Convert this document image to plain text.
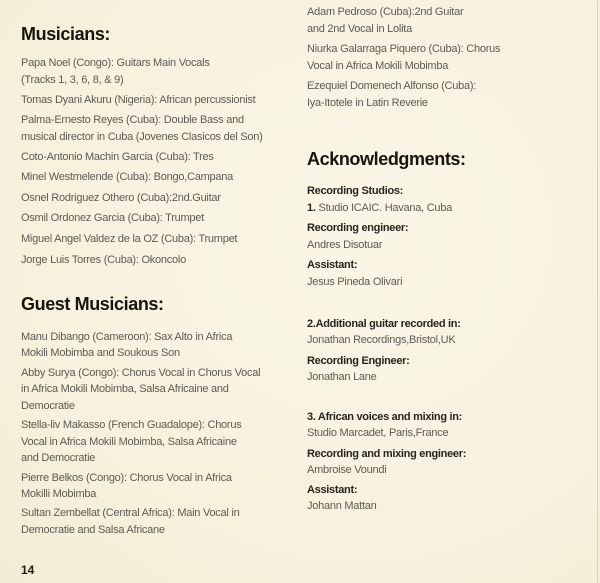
Musicians:
Guest Musicians:
Acknowledgments:
14
Papa Noel (Congo): Guitars Main Vocals
(Tracks 1, 3, 6, 8, & 9)
Tomas Dyani Akuru (Nigeria): African percussionist
Palma-Ernesto Reyes (Cuba): Double Bass and
musical director in Cuba (Jovenes Clasicos del Son)
Coto-Antonio Machin Garcia (Cuba): Tres
Minel Westmelende (Cuba): Bongo,Campana
Osnel Rodriguez Othero (Cuba):2nd.Guitar
Osmil Ordonez Garcia (Cuba): Trumpet
Miguel Angel Valdez de la OZ (Cuba): Trumpet
Jorge Luis Torres (Cuba): Okoncolo
Manu Dibango (Cameroon): Sax Alto in Africa
Mokili Mobimba and Soukous Son
Abby Surya (Congo): Chorus Vocal in Chorus Vocal
in Africa Mokili Mobimba, Salsa Africaine and
Democratie
Stella-liv Makasso (French Guadalope): Chorus
Vocal in Africa Mokili Mobimba, Salsa Africaine
and Democratie
Pierre Belkos (Congo): Chorus Vocal in Africa
Mokilli Mobimba
Sultan Zembellat (Central Africa): Main Vocal in
Democratie and Salsa Africane
Adam Pedroso (Cuba):2nd Guitar
and 2nd Vocal in Lolita
Niurka Galarraga Piquero (Cuba): Chorus
Vocal in Africa Mokili Mobimba
Ezequiel Domenech Alfonso (Cuba):
Iya-Itotele in Latin Reverie
Recording Studios:
1. Studio ICAIC. Havana, Cuba
Recording engineer:
Andres Disotuar
Assistant:
Jesus Pineda Olivari
2.Additional guitar recorded in:
Jonathan Recordings,Bristol,UK
Recording Engineer:
Jonathan Lane
3. African voices and mixing in:
Studio Marcadet, Paris,France
Recording and mixing engineer:
Ambroise Voundi
Assistant:
Johann Mattan
